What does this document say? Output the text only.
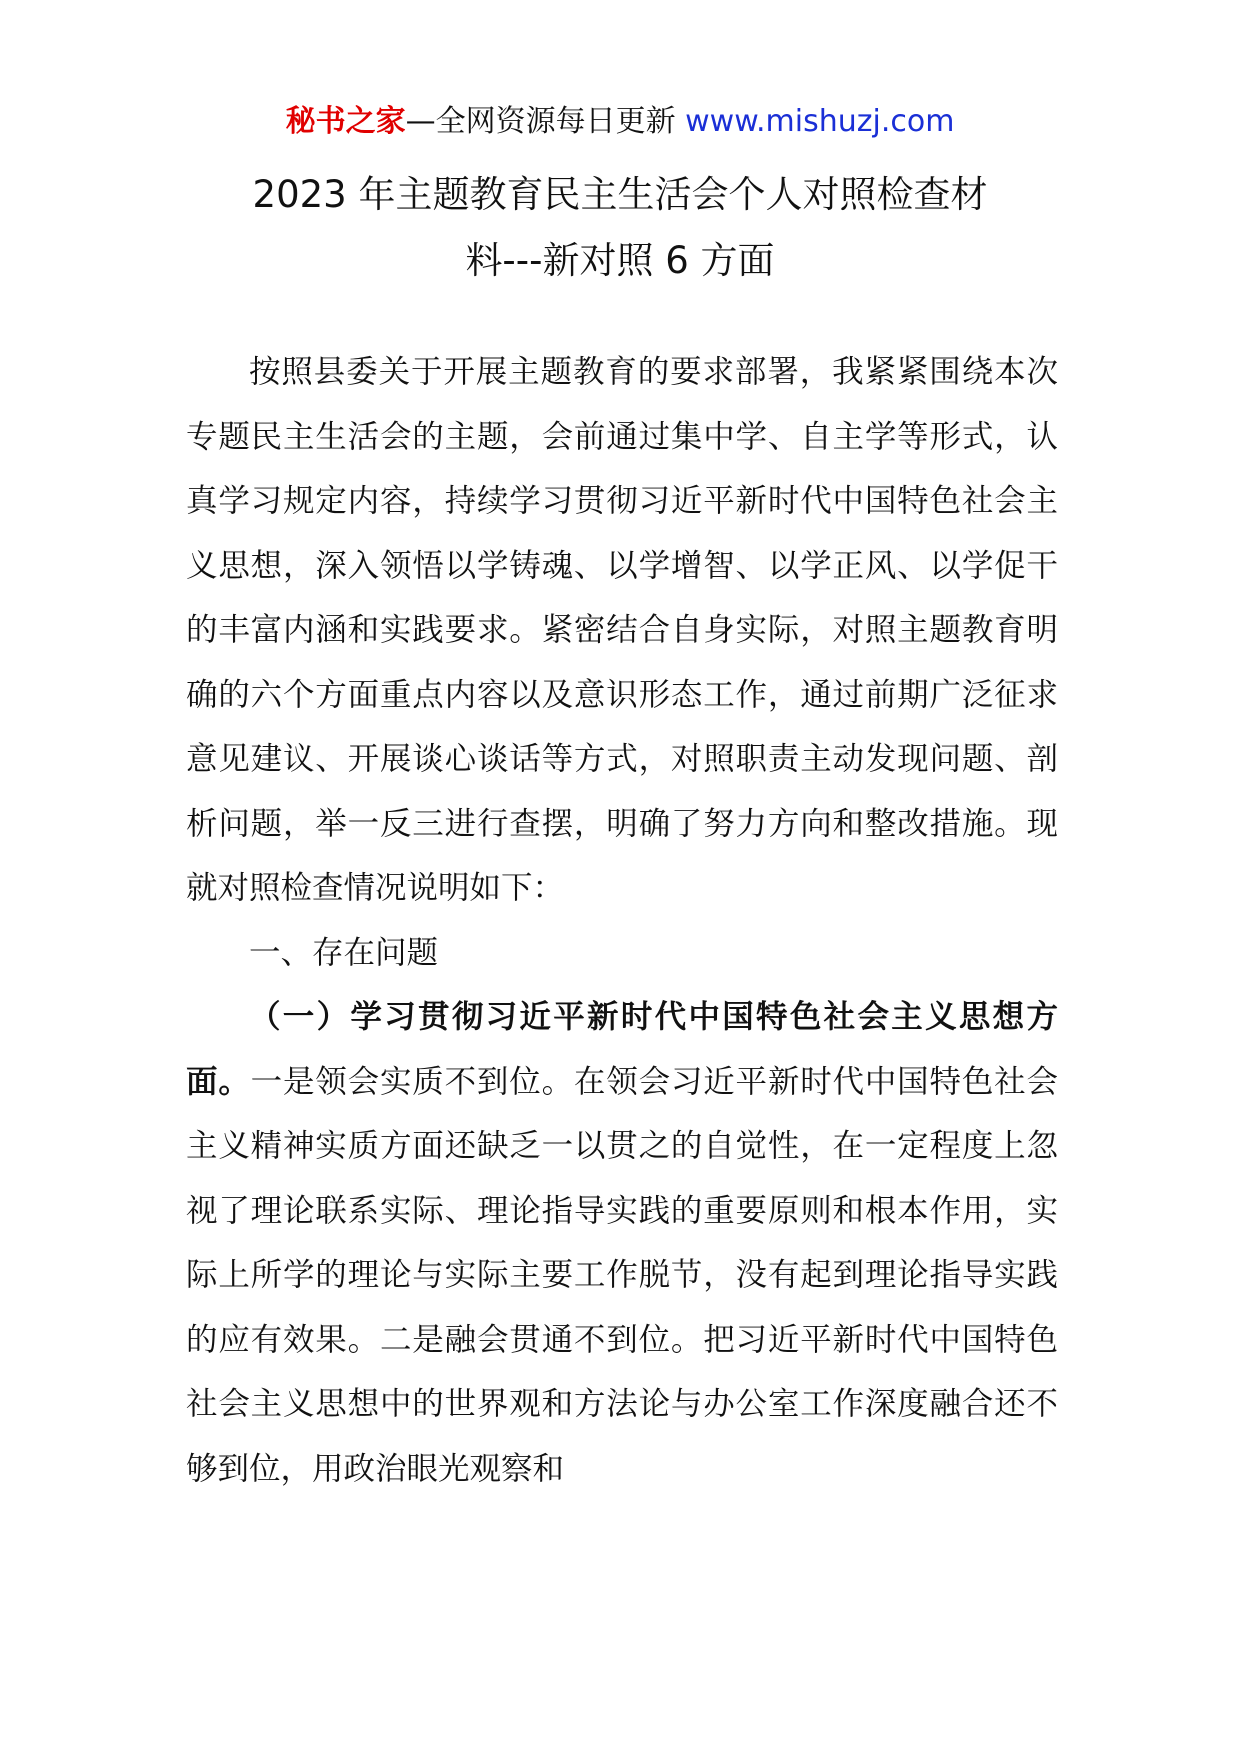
秘书之家—全网资源每日更新 www.mishuzj.com
2023 年主题教育民主生活会个人对照检查材
料---新对照 6 方面

按照县委关于开展主题教育的要求部署，我紧紧围绕本次专题民主生活会的主题，会前通过集中学、自主学等形式，认真学习规定内容，持续学习贯彻习近平新时代中国特色社会主义思想，深入领悟以学铸魂、以学增智、以学正风、以学促干的丰富内涵和实践要求。紧密结合自身实际，对照主题教育明确的六个方面重点内容以及意识形态工作，通过前期广泛征求意见建议、开展谈心谈话等方式，对照职责主动发现问题、剖析问题，举一反三进行查摆，明确了努力方向和整改措施。现就对照检查情况说明如下：

一、存在问题

（一）学习贯彻习近平新时代中国特色社会主义思想方面。一是领会实质不到位。在领会习近平新时代中国特色社会主义精神实质方面还缺乏一以贯之的自觉性，在一定程度上忽视了理论联系实际、理论指导实践的重要原则和根本作用，实际上所学的理论与实际主要工作脱节，没有起到理论指导实践的应有效果。二是融会贯通不到位。把习近平新时代中国特色社会主义思想中的世界观和方法论与办公室工作深度融合还不够到位，用政治眼光观察和
